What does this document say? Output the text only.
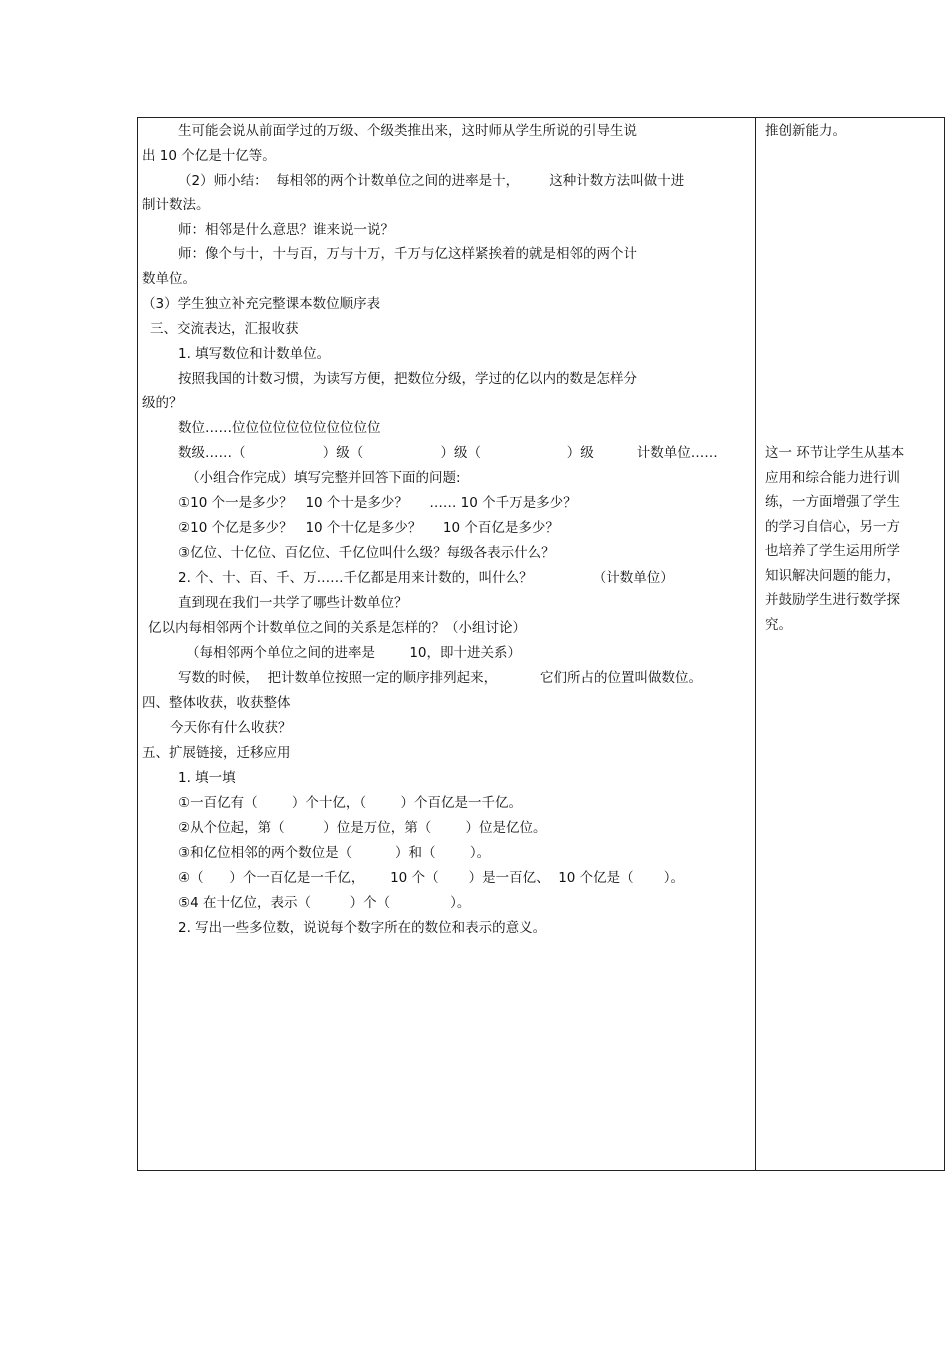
生可能会说从前面学过的万级、个级类推出来，这时师从学生所说的引导生说
出 10 个亿是十亿等。
（2）师小结：  每相邻的两个计数单位之间的进率是十，       这种计数方法叫做十进
制计数法。
师：相邻是什么意思？谁来说一说？
师：像个与十，十与百，万与十万，千万与亿这样紧挨着的就是相邻的两个计
数单位。
（3）学生独立补充完整课本数位顺序表
三、交流表达，汇报收获
1. 填写数位和计数单位。
按照我国的计数习惯，为读写方便，把数位分级，学过的亿以内的数是怎样分
级的？
数位……位位位位位位位位位位位
数级……（                  ）级（                  ）级（                    ）级          计数单位……
（小组合作完成）填写完整并回答下面的问题:
①10 个一是多少？   10 个十是多少？     …… 10 个千万是多少？
②10 个亿是多少？   10 个十亿是多少？     10 个百亿是多少？
③亿位、十亿位、百亿位、千亿位叫什么级？每级各表示什么？
2. 个、十、百、千、万……千亿都是用来计数的，叫什么？              （计数单位）
直到现在我们一共学了哪些计数单位？
亿以内每相邻两个计数单位之间的关系是怎样的？（小组讨论）
（每相邻两个单位之间的进率是        10，即十进关系）
写数的时候，  把计数单位按照一定的顺序排列起来，          它们所占的位置叫做数位。
四、整体收获，收获整体
今天你有什么收获？
五、扩展链接，迁移应用
1. 填一填
①一百亿有（        ）个十亿，（        ）个百亿是一千亿。
②从个位起，第（         ）位是万位，第（        ）位是亿位。
③和亿位相邻的两个数位是（          ）和（        ）。
④（      ）个一百亿是一千亿，      10 个（       ）是一百亿、  10 个亿是（       ）。
⑤4 在十亿位，表示（         ）个（              ）。
2. 写出一些多位数，说说每个数字所在的数位和表示的意义。
推创新能力。
这一 环节让学生从基本
应用和综合能力进行训
练，一方面增强了学生
的学习自信心，另一方
也培养了学生运用所学
知识解决问题的能力，
并鼓励学生进行数学探
究。
